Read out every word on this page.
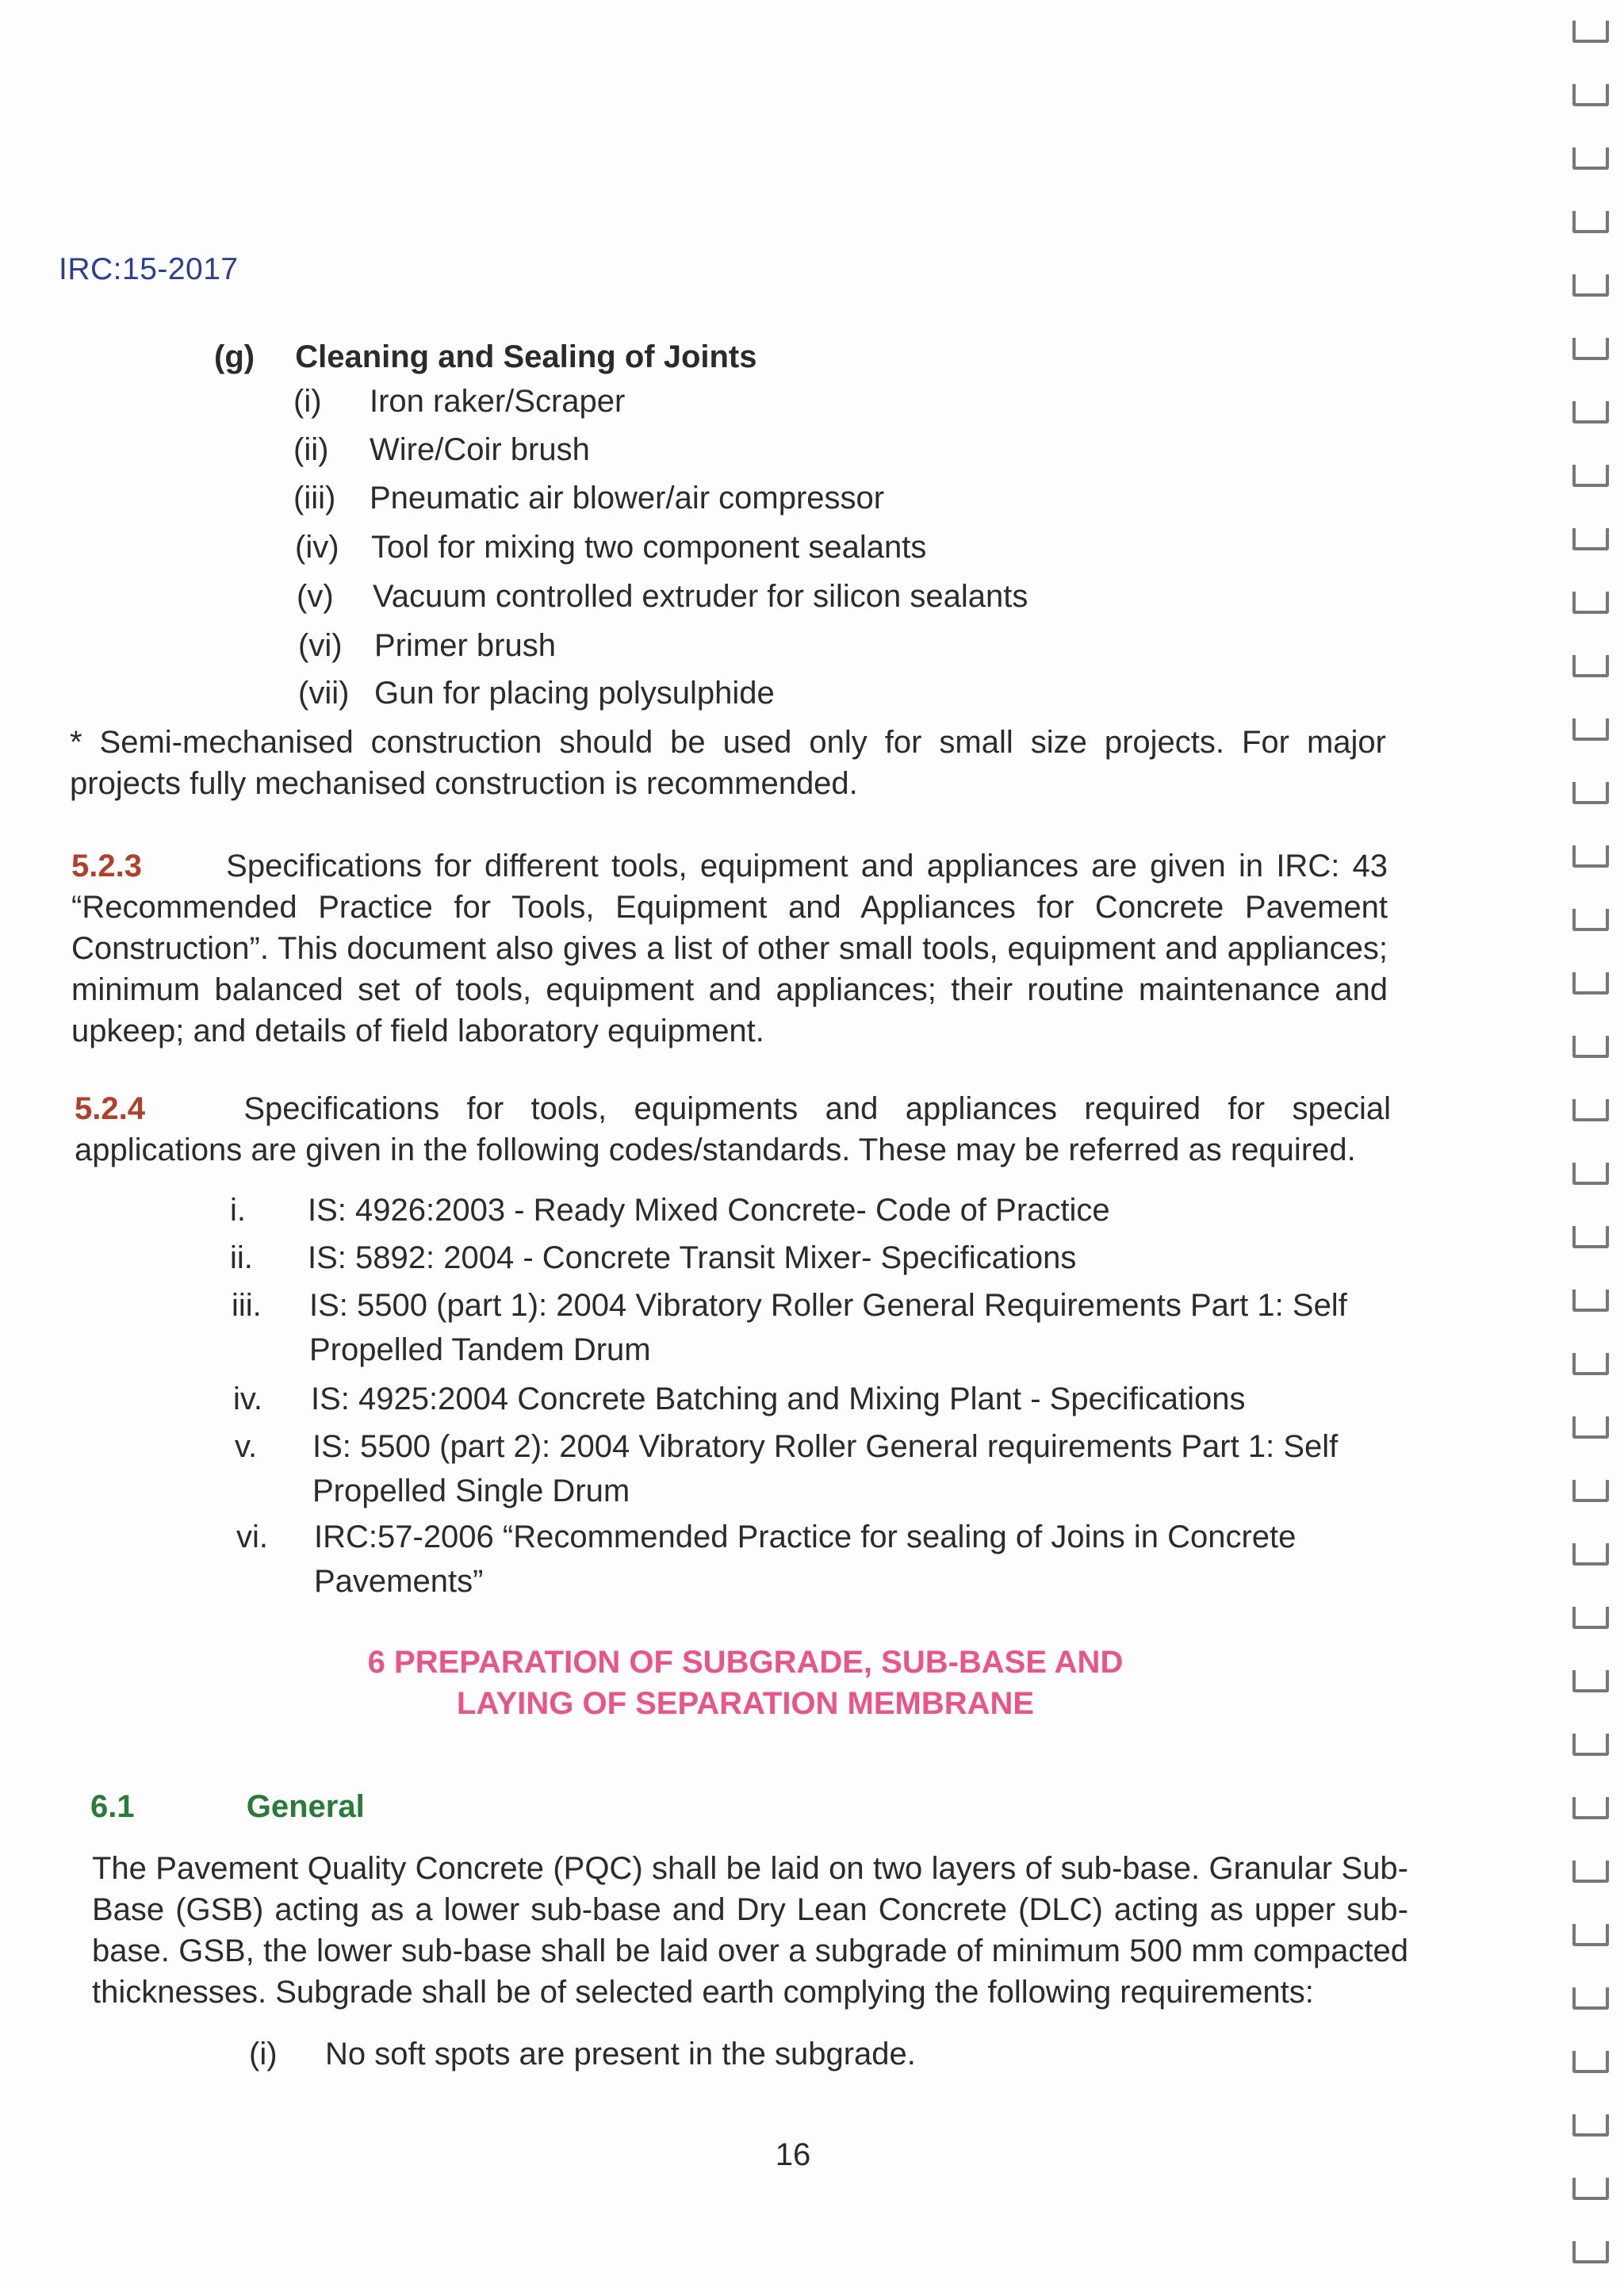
IRC:15-2017
(g) Cleaning and Sealing of Joints
(i) Iron raker/Scraper
(ii) Wire/Coir brush
(iii) Pneumatic air blower/air compressor
(iv) Tool for mixing two component sealants
(v) Vacuum controlled extruder for silicon sealants
(vi) Primer brush
(vii) Gun for placing polysulphide
* Semi-mechanised construction should be used only for small size projects. For major projects fully mechanised construction is recommended.
5.2.3	Specifications for different tools, equipment and appliances are given in IRC: 43 “Recommended Practice for Tools, Equipment and Appliances for Concrete Pavement Construction”. This document also gives a list of other small tools, equipment and appliances; minimum balanced set of tools, equipment and appliances; their routine maintenance and upkeep; and details of field laboratory equipment.
5.2.4	Specifications for tools, equipments and appliances required for special applications are given in the following codes/standards. These may be referred as required.
i. IS: 4926:2003 - Ready Mixed Concrete- Code of Practice
ii. IS: 5892: 2004 - Concrete Transit Mixer- Specifications
iii. IS: 5500 (part 1): 2004 Vibratory Roller General Requirements Part 1: Self
Propelled Tandem Drum
iv. IS: 4925:2004 Concrete Batching and Mixing Plant - Specifications
v. IS: 5500 (part 2): 2004 Vibratory Roller General requirements Part 1: Self
Propelled Single Drum
vi. IRC:57-2006 “Recommended Practice for sealing of Joins in Concrete
Pavements”
6 PREPARATION OF SUBGRADE, SUB-BASE AND
LAYING OF SEPARATION MEMBRANE
6.1	General
The Pavement Quality Concrete (PQC) shall be laid on two layers of sub-base. Granular Sub-Base (GSB) acting as a lower sub-base and Dry Lean Concrete (DLC) acting as upper sub-base. GSB, the lower sub-base shall be laid over a subgrade of minimum 500 mm compacted thicknesses. Subgrade shall be of selected earth complying the following requirements:
(i) No soft spots are present in the subgrade.
16
